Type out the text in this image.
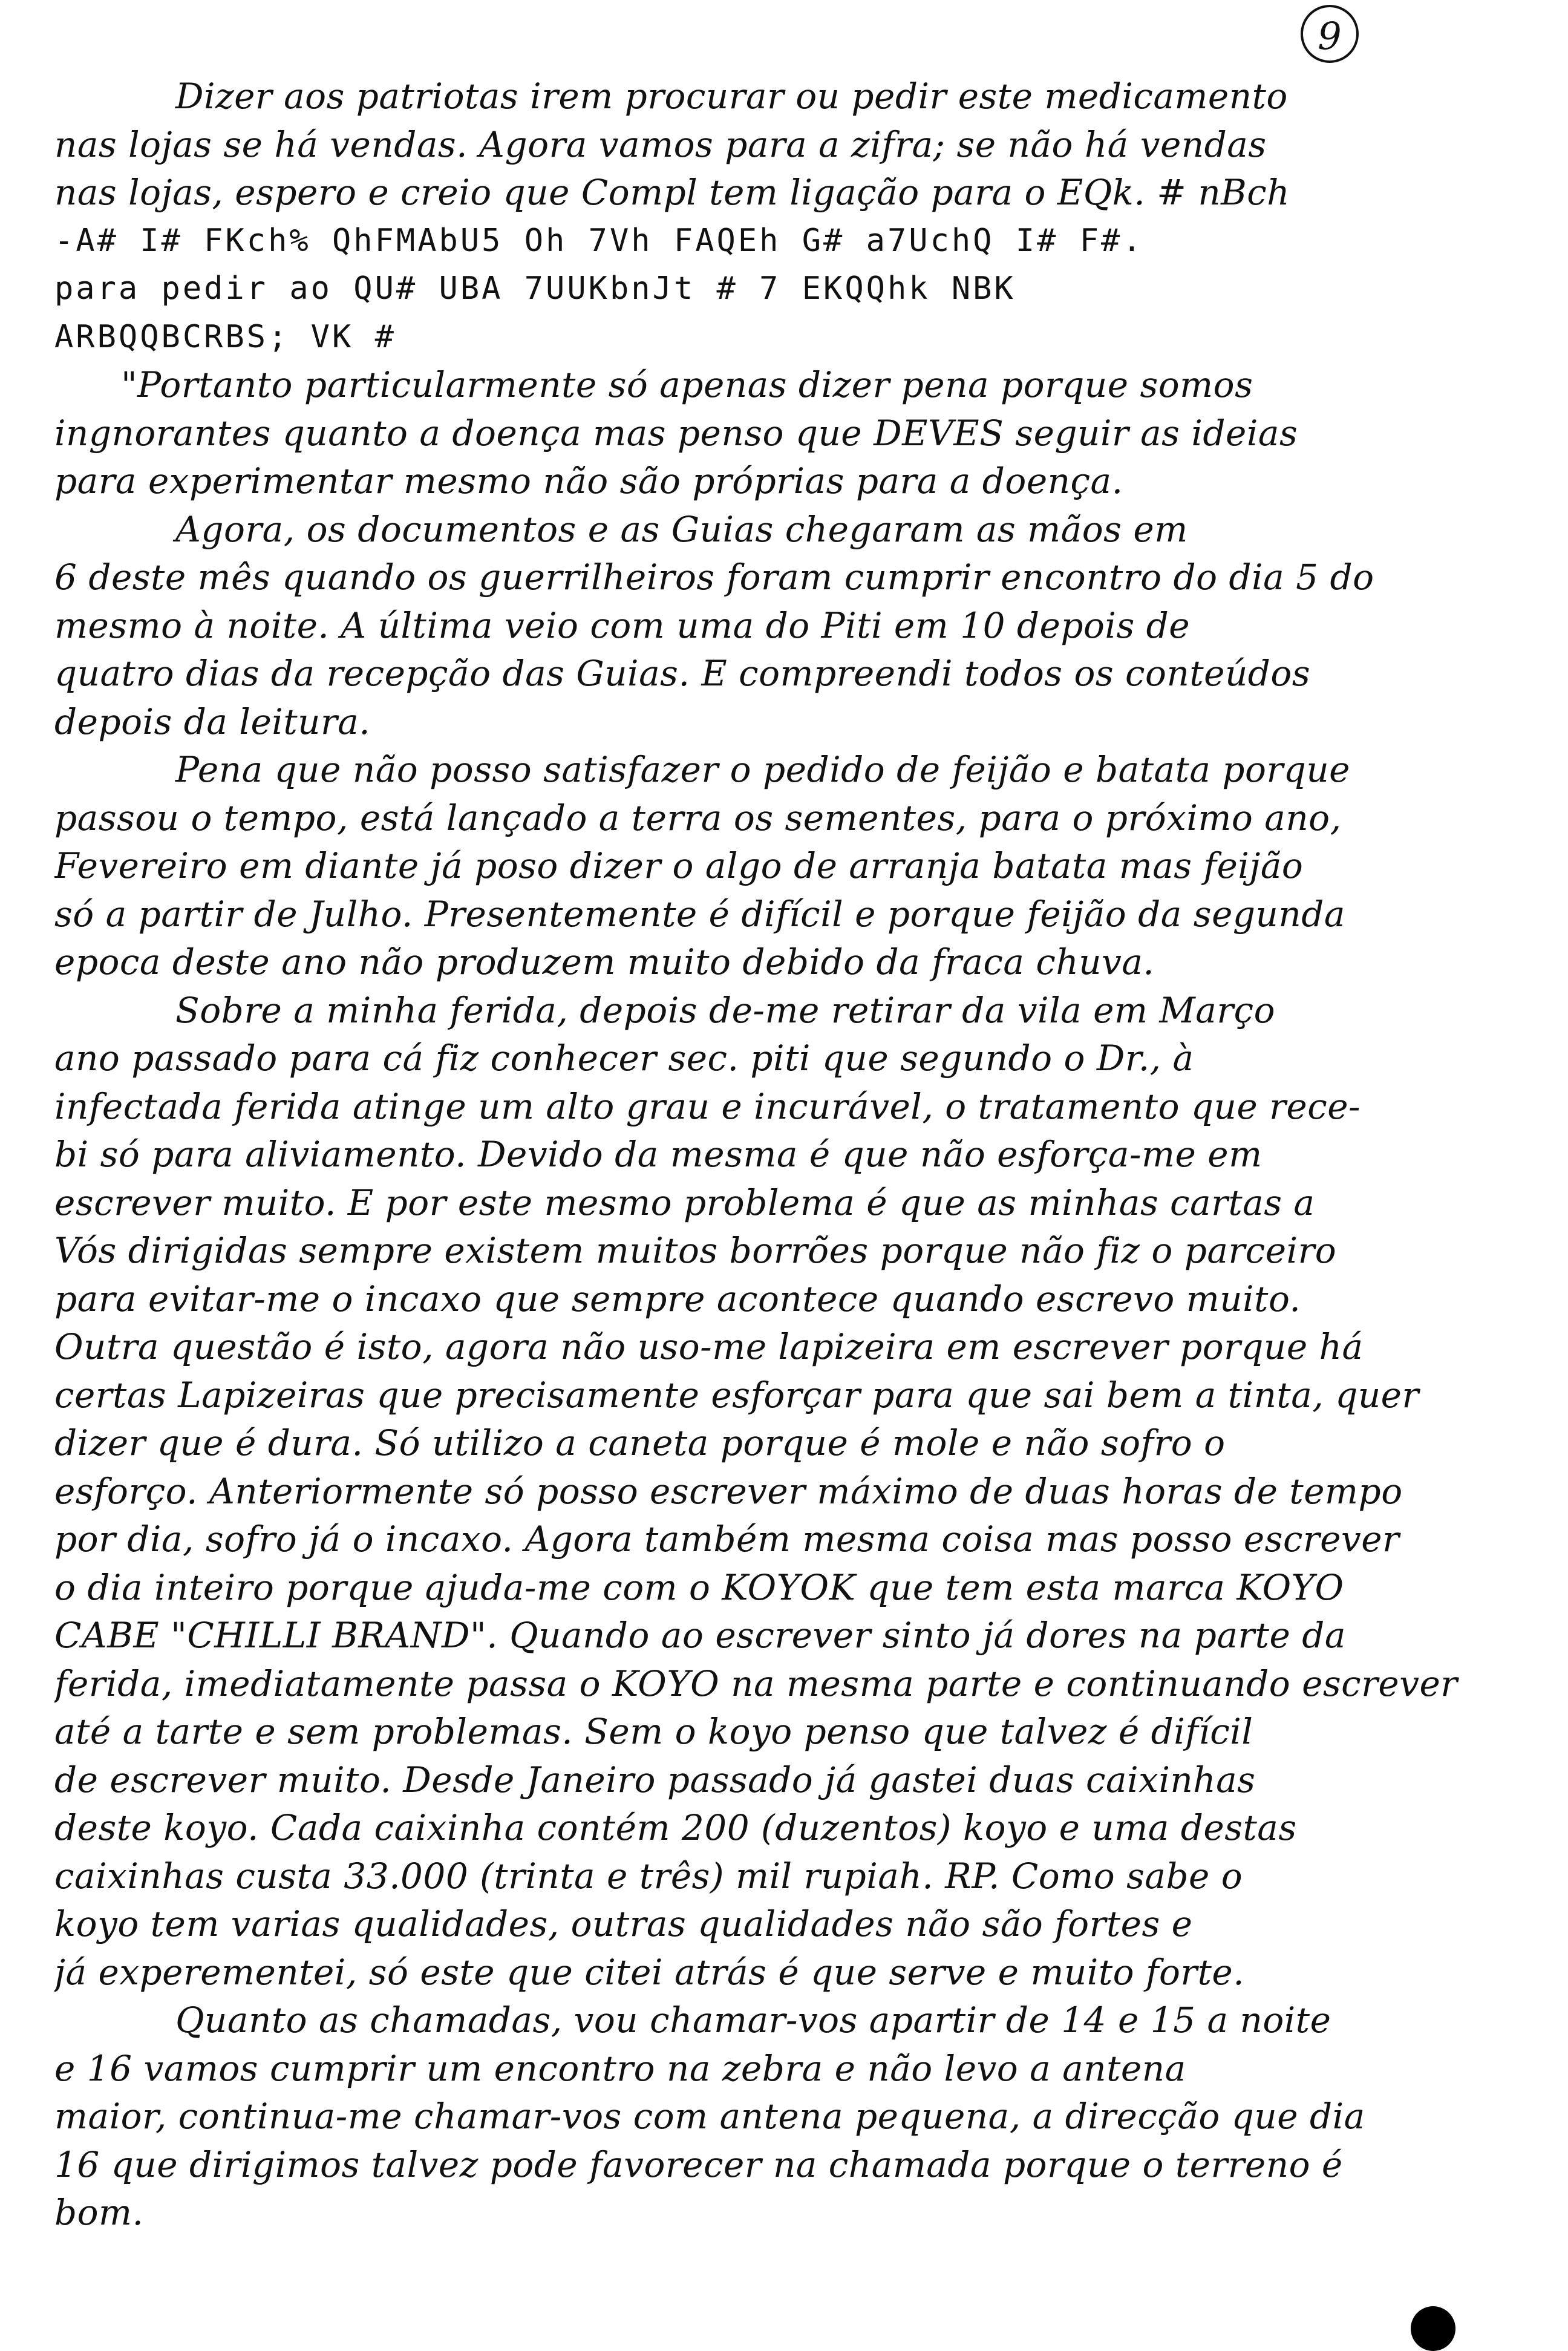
9
Dizer aos patriotas irem procurar ou pedir este medicamento
nas lojas se há vendas. Agora vamos para a zifra; se não há vendas
nas lojas, espero e creio que Compl tem ligação para o EQk. # nBch
-A# I# FKch% QhFMAbU5 Oh 7Vh FAQEh G# a7UchQ I# F#.
para pedir ao QU# UBA 7UUKbnJt # 7 EKQQhk NBK
ARBQQBCRBS; VK #
"Portanto particularmente só apenas dizer pena porque somos
ingnorantes quanto a doença mas penso que DEVES seguir as ideias
para experimentar mesmo não são próprias para a doença.
Agora, os documentos e as Guias chegaram as mãos em
6 deste mês quando os guerrilheiros foram cumprir encontro do dia 5 do
mesmo à noite. A última veio com uma do Piti em 10 depois de
quatro dias da recepção das Guias. E compreendi todos os conteúdos
depois da leitura.
Pena que não posso satisfazer o pedido de feijão e batata porque
passou o tempo, está lançado a terra os sementes, para o próximo ano,
Fevereiro em diante já poso dizer o algo de arranja batata mas feijão
só a partir de Julho. Presentemente é difícil e porque feijão da segunda
epoca deste ano não produzem muito debido da fraca chuva.
Sobre a minha ferida, depois de-me retirar da vila em Março
ano passado para cá fiz conhecer sec. piti que segundo o Dr., à
infectada ferida atinge um alto grau e incurável, o tratamento que rece-
bi só para aliviamento. Devido da mesma é que não esforça-me em
escrever muito. E por este mesmo problema é que as minhas cartas a
Vós dirigidas sempre existem muitos borrões porque não fiz o parceiro
para evitar-me o incaxo que sempre acontece quando escrevo muito.
Outra questão é isto, agora não uso-me lapizeira em escrever porque há
certas Lapizeiras que precisamente esforçar para que sai bem a tinta, quer
dizer que é dura. Só utilizo a caneta porque é mole e não sofro o
esforço. Anteriormente só posso escrever máximo de duas horas de tempo
por dia, sofro já o incaxo. Agora também mesma coisa mas posso escrever
o dia inteiro porque ajuda-me com o KOYOK que tem esta marca KOYO
CABE "CHILLI BRAND". Quando ao escrever sinto já dores na parte da
ferida, imediatamente passa o KOYO na mesma parte e continuando escrever
até a tarte e sem problemas. Sem o koyo penso que talvez é difícil
de escrever muito. Desde Janeiro passado já gastei duas caixinhas
deste koyo. Cada caixinha contém 200 (duzentos) koyo e uma destas
caixinhas custa 33.000 (trinta e três) mil rupiah. RP. Como sabe o
koyo tem varias qualidades, outras qualidades não são fortes e
já experementei, só este que citei atrás é que serve e muito forte.
Quanto as chamadas, vou chamar-vos apartir de 14 e 15 a noite
e 16 vamos cumprir um encontro na zebra e não levo a antena
maior, continua-me chamar-vos com antena pequena, a direcção que dia
16 que dirigimos talvez pode favorecer na chamada porque o terreno é
bom.
